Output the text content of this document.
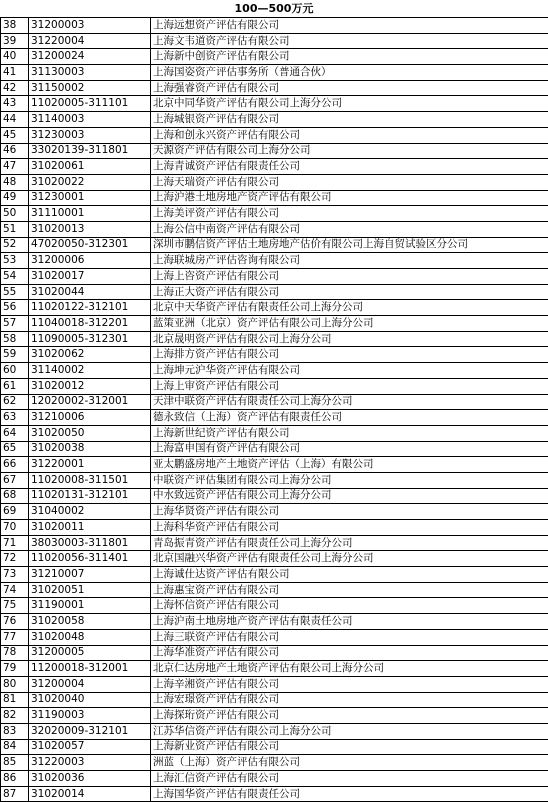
100—500万元
38	31200003	上海远想资产评估有限公司
39	31220004	上海文韦道资产评估有限公司
40	31200024	上海新中创资产评估有限公司
41	31130003	上海国姿资产评估事务所（普通合伙）
42	31150002	上海强睿资产评估有限公司
43	11020005-311101	北京中同华资产评估有限公司上海分公司
44	31140003	上海城银资产评估有限公司
45	31230003	上海和创永兴资产评估有限公司
46	33020139-311801	天源资产评估有限公司上海分公司
47	31020061	上海青诚资产评估有限责任公司
48	31020022	上海天瑞资产评估有限公司
49	31230001	上海沪港土地房地产资产评估有限公司
50	31110001	上海美评资产评估有限公司
51	31020013	上海公信中南资产评估有限公司
52	47020050-312301	深圳市鹏信资产评估土地房地产估价有限公司上海自贸试验区分公司
53	31200006	上海联城房产评估咨询有限公司
54	31020017	上海上咨资产评估有限公司
55	31020044	上海正大资产评估有限公司
56	11020122-312101	北京中天华资产评估有限责任公司上海分公司
57	11040018-312201	蓝策亚洲（北京）资产评估有限公司上海分公司
58	11090005-312301	北京晟明资产评估有限公司上海分公司
59	31020062	上海排方资产评估有限公司
60	31140002	上海坤元沪华资产评估有限公司
61	31020012	上海上审资产评估有限公司
62	12020002-312001	天津中联资产评估有限责任公司上海分公司
63	31210006	德永致信（上海）资产评估有限责任公司
64	31020050	上海新世纪资产评估有限公司
65	31020038	上海富申国有资产评估有限公司
66	31220001	亚太鹏盛房地产土地资产评估（上海）有限公司
67	11020008-311501	中联资产评估集团有限公司上海分公司
68	11020131-312101	中水致远资产评估有限公司上海分公司
69	31040002	上海华贤资产评估有限公司
70	31020011	上海科华资产评估有限公司
71	38030003-311801	青岛振青资产评估有限责任公司上海分公司
72	11020056-311401	北京国融兴华资产评估有限责任公司上海分公司
73	31210007	上海诚仕达资产评估有限公司
74	31020051	上海惠宝资产评估有限公司
75	31190001	上海怀信资产评估有限公司
76	31020058	上海沪南土地房地产资产评估有限责任公司
77	31020048	上海三联资产评估有限公司
78	31200005	上海华准资产评估有限公司
79	11200018-312001	北京仁达房地产土地资产评估有限公司上海分公司
80	31200004	上海辛湘资产评估有限公司
81	31020040	上海宏璟资产评估有限公司
82	31190003	上海探珩资产评估有限公司
83	32020009-312101	江苏华信资产评估有限公司上海分公司
84	31020057	上海新业资产评估有限公司
85	31220003	洲蓝（上海）资产评估有限公司
86	31020036	上海汇信资产评估有限公司
87	31020014	上海国华资产评估有限责任公司
